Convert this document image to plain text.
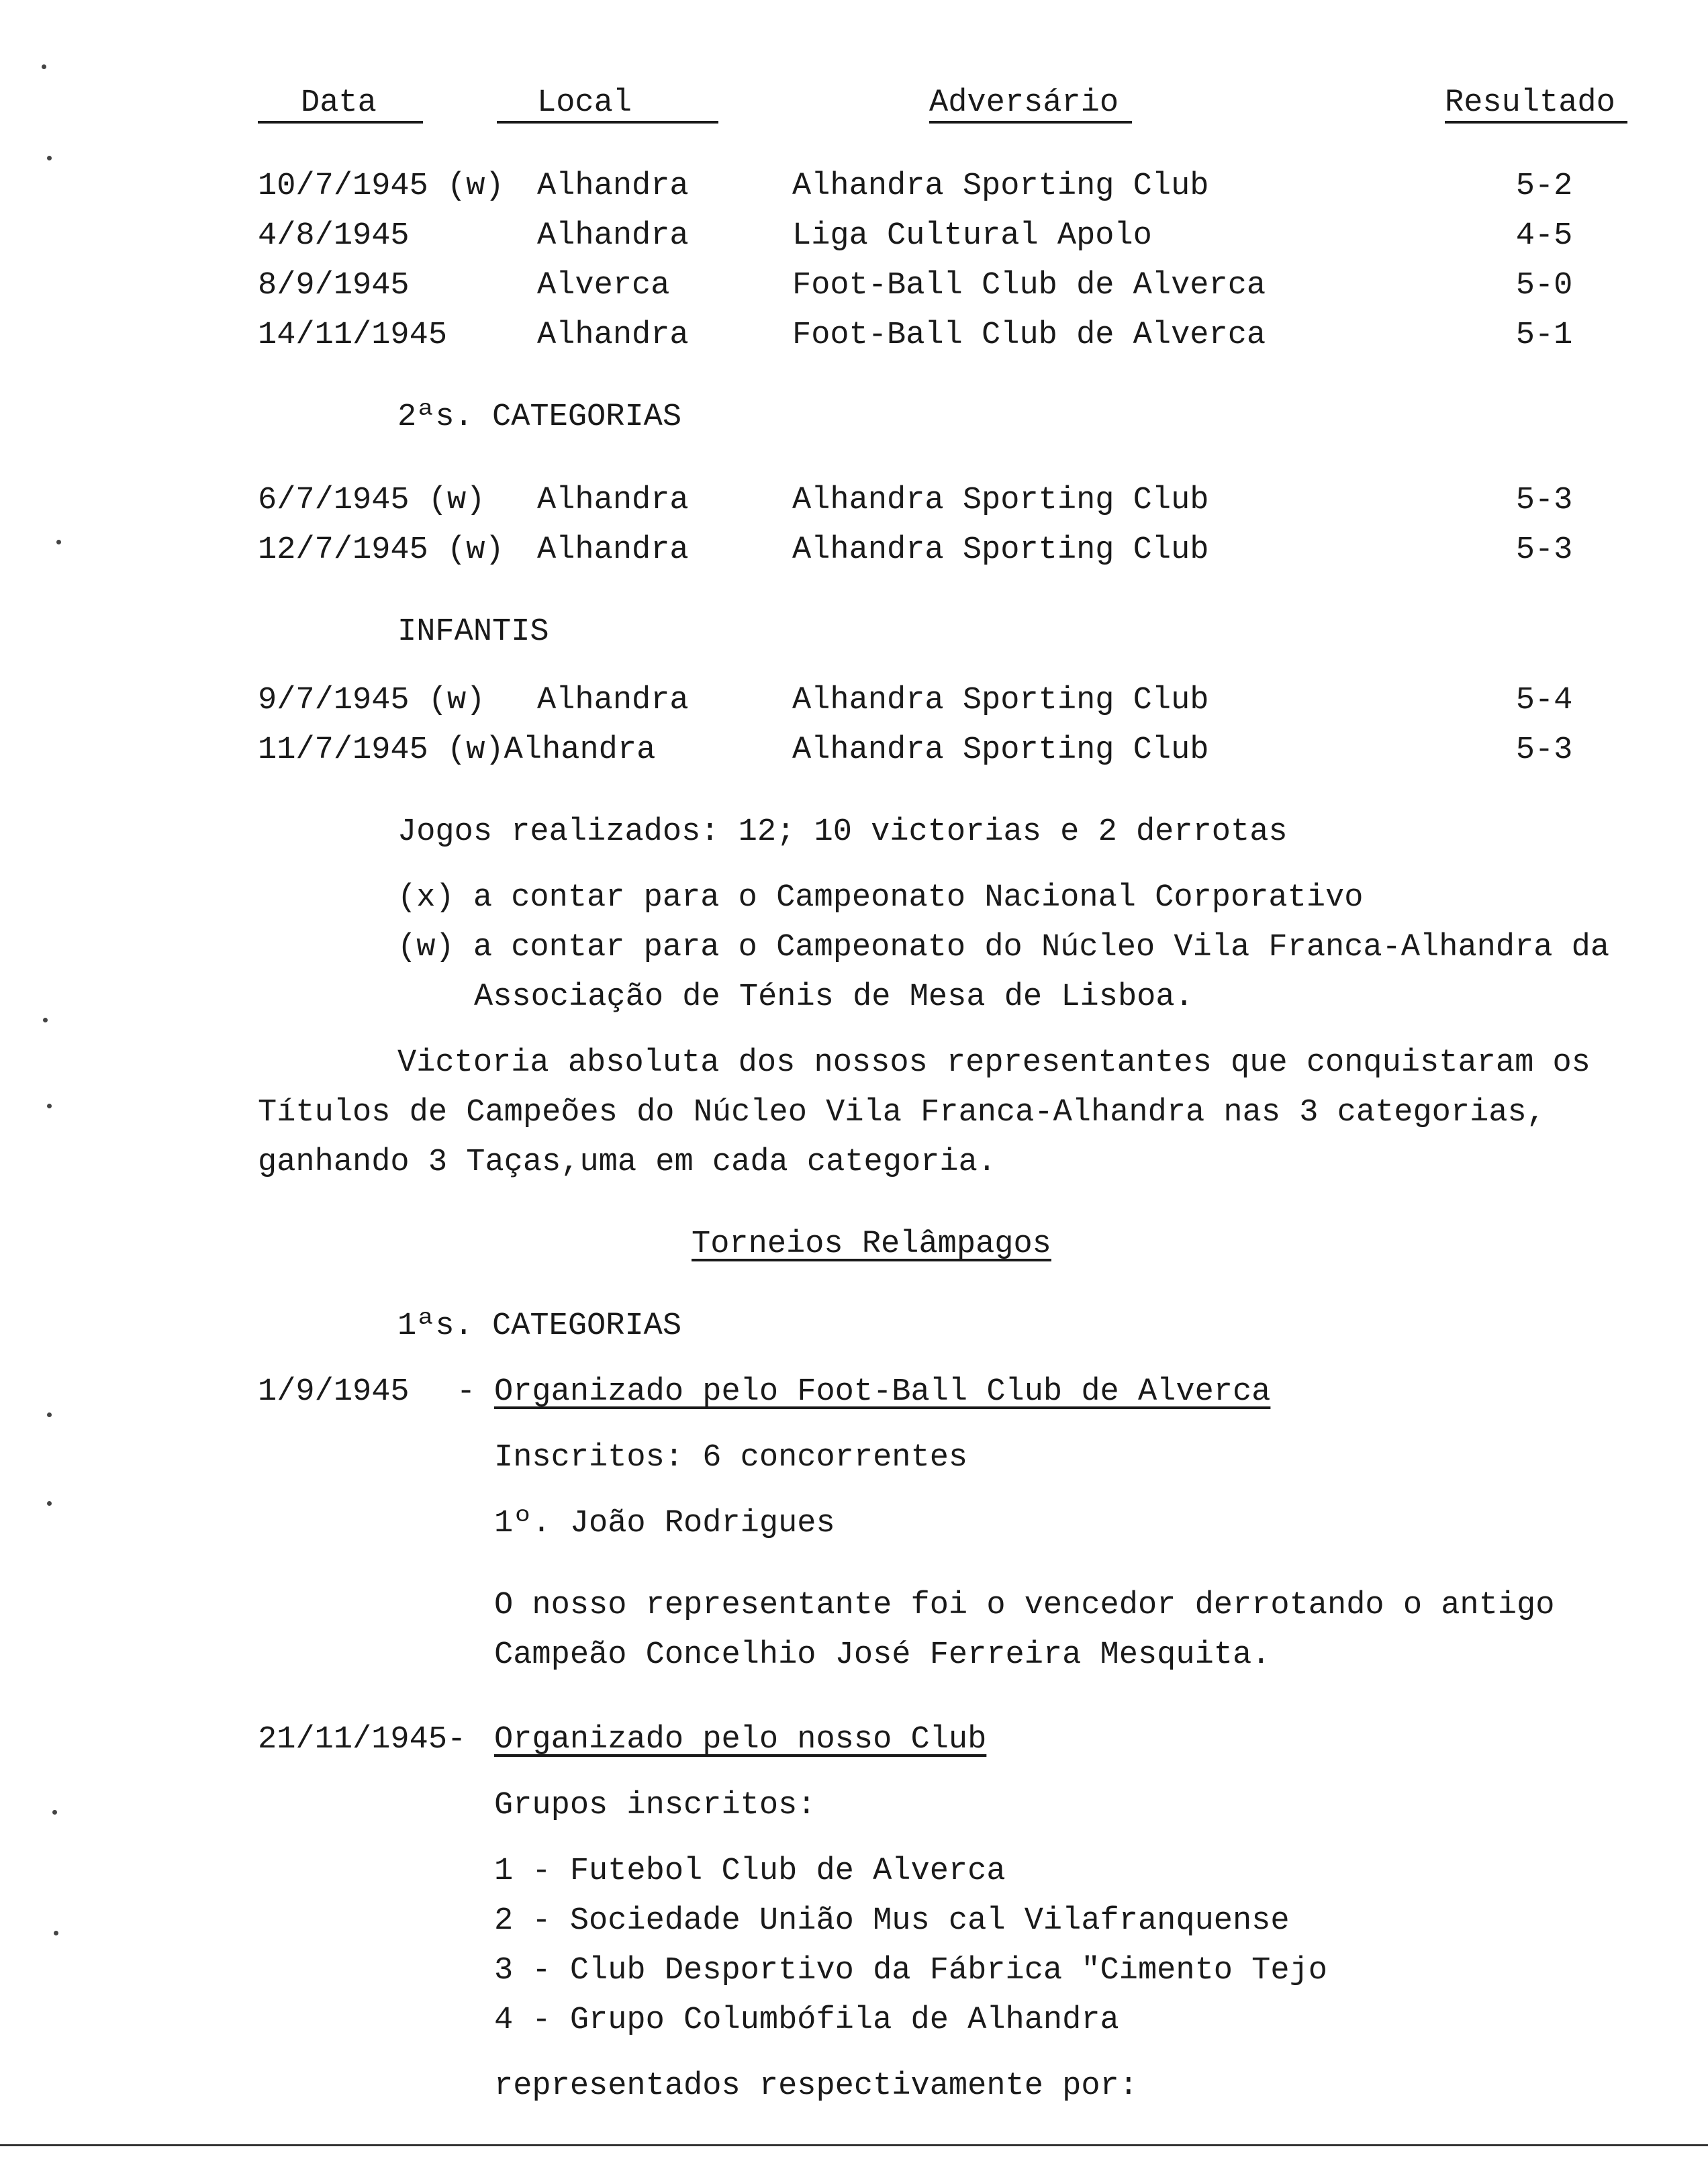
Data	Local	Adversário	Resultado
10/7/1945 (w) Alhandra	Alhandra Sporting Club	5-2
4/8/1945	Alhandra	Liga Cultural Apolo	4-5
8/9/1945	Alverca	Foot-Ball Club de Alverca	5-0
14/11/1945	Alhandra	Foot-Ball Club de Alverca	5-1
2ªs. CATEGORIAS
6/7/1945 (w) Alhandra	Alhandra Sporting Club	5-3
12/7/1945 (w) Alhandra	Alhandra Sporting Club	5-3
INFANTIS
9/7/1945 (w) Alhandra	Alhandra Sporting Club	5-4
11/7/1945 (w)Alhandra	Alhandra Sporting Club	5-3
Jogos realizados: 12; 10 victorias e 2 derrotas
(x) a contar para o Campeonato Nacional Corporativo
(w) a contar para o Campeonato do Núcleo Vila Franca-Alhandra da
Associação de Ténis de Mesa de Lisboa.
Victoria absoluta dos nossos representantes que conquistaram os
Títulos de Campeões do Núcleo Vila Franca-Alhandra nas 3 categorias,
ganhando 3 Taças,uma em cada categoria.
Torneios Relâmpagos
1ªs. CATEGORIAS
1/9/1945 - Organizado pelo Foot-Ball Club de Alverca
Inscritos: 6 concorrentes
1º. João Rodrigues
O nosso representante foi o vencedor derrotando o antigo
Campeão Concelhio José Ferreira Mesquita.
21/11/1945- Organizado pelo nosso Club
Grupos inscritos:
1 - Futebol Club de Alverca
2 - Sociedade União Mus cal Vilafranquense
3 - Club Desportivo da Fábrica "Cimento Tejo
4 - Grupo Columbófila de Alhandra
representados respectivamente por:
